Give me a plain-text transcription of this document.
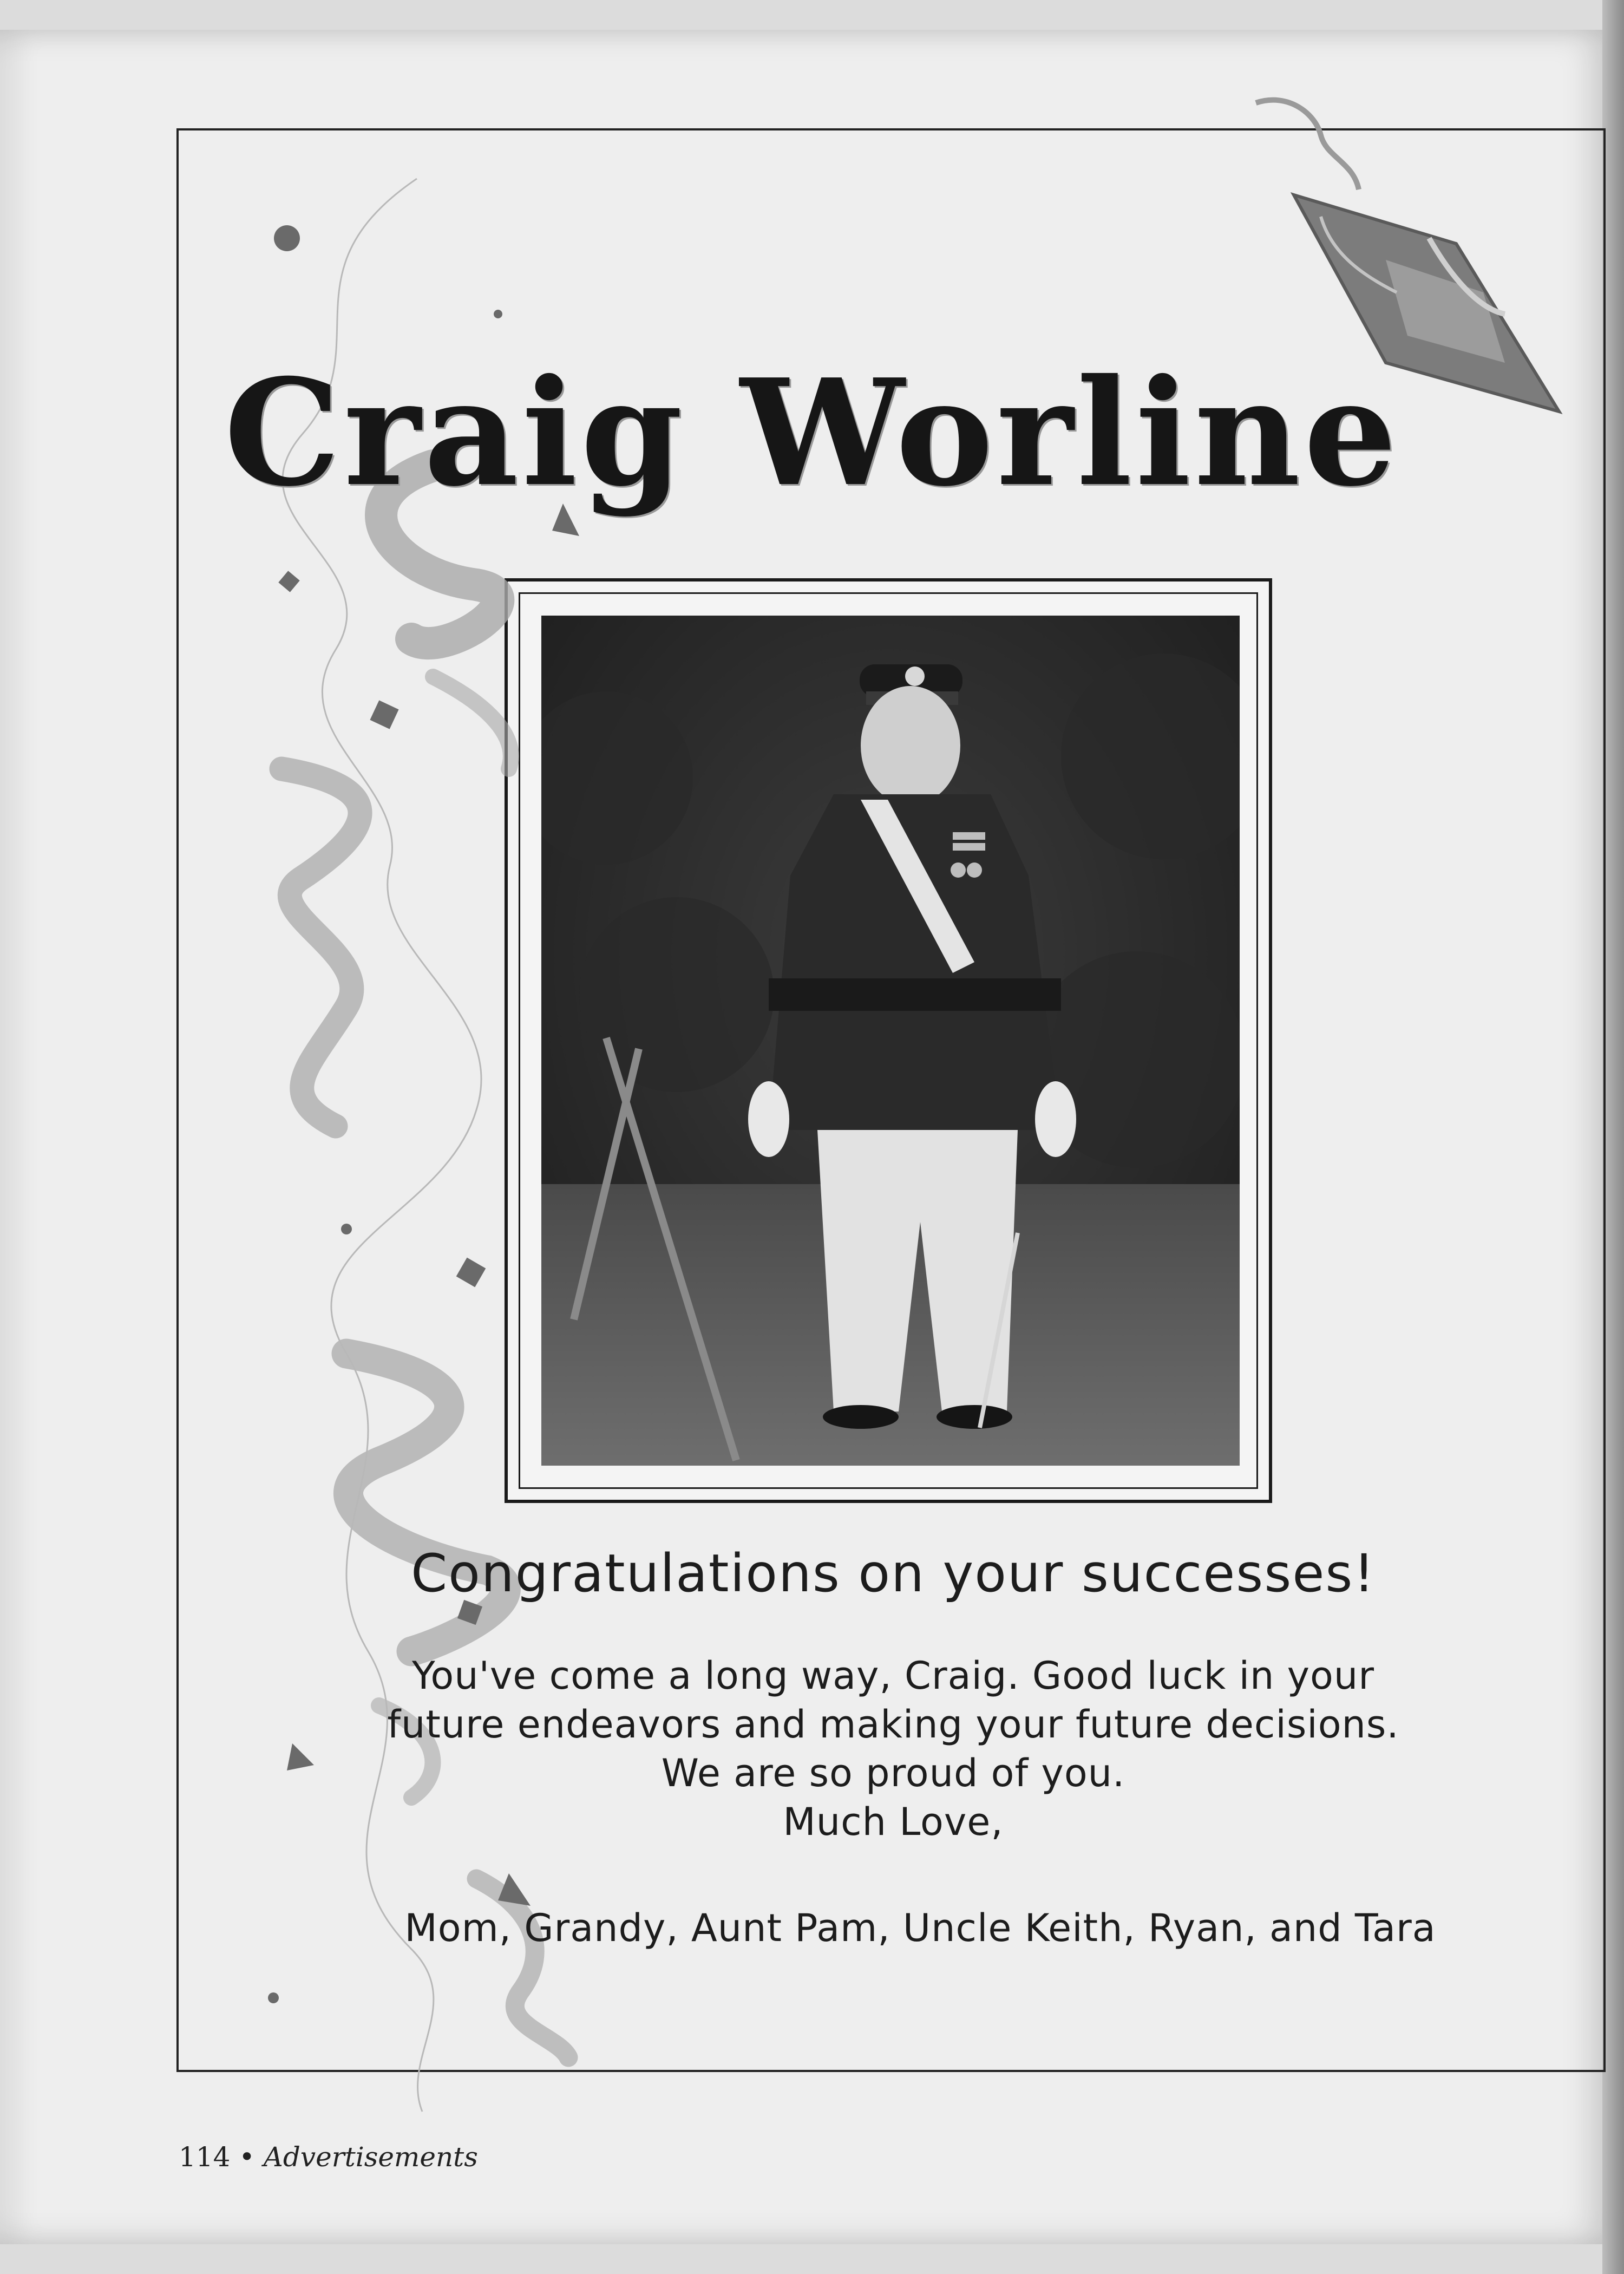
Craig Worline
Congratulations on your successes!
You've come a long way, Craig. Good luck in your
future endeavors and making your future decisions.
We are so proud of you.
Much Love,
Mom, Grandy, Aunt Pam, Uncle Keith, Ryan, and Tara
114 • Advertisements
